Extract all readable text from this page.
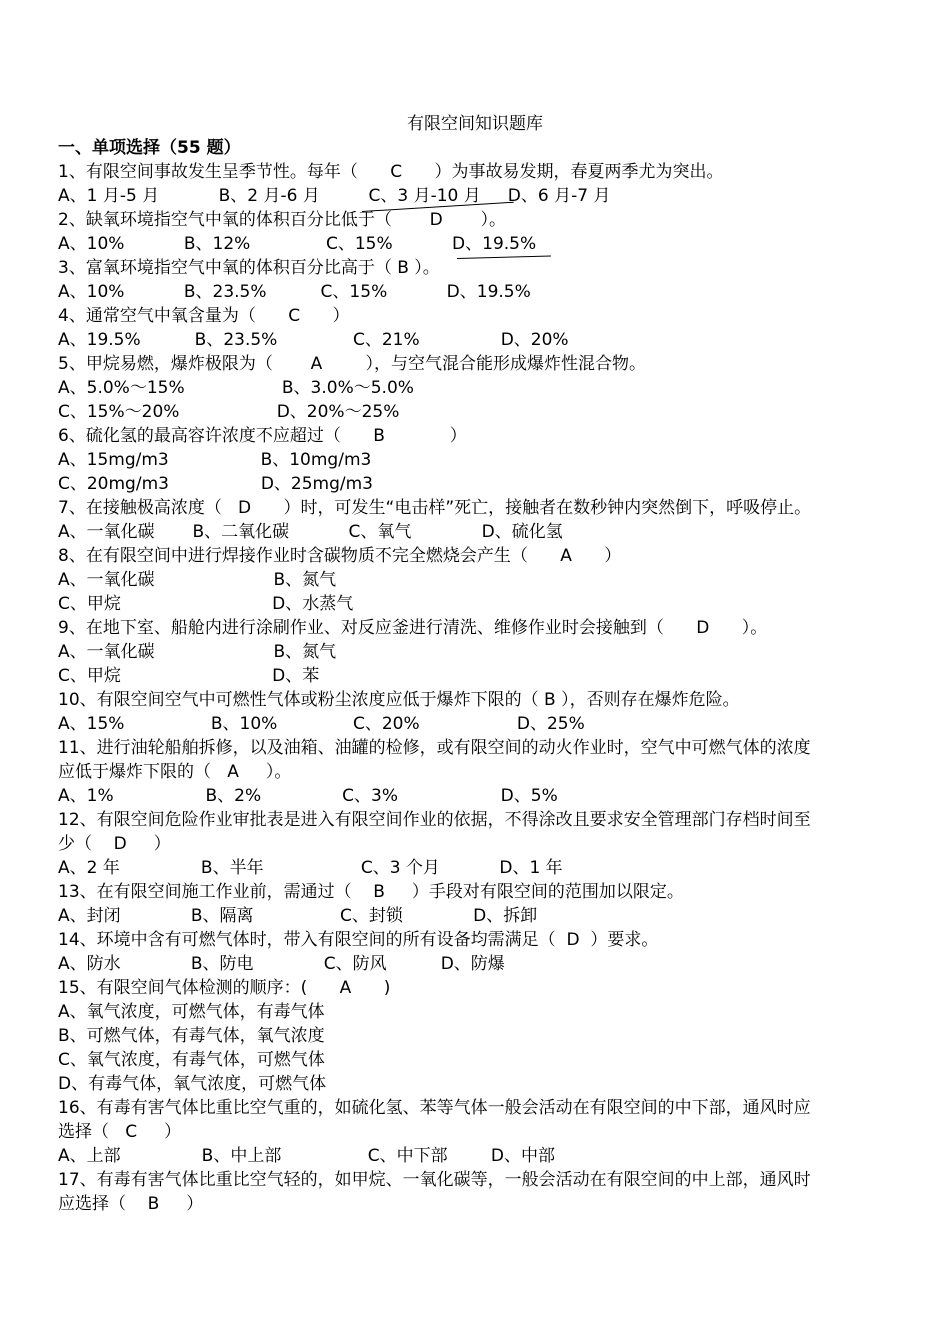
有限空间知识题库
一、单项选择（55 题）
1、有限空间事故发生呈季节性。每年（      C      ）为事故易发期，春夏两季尤为突出。
A、1 月-5 月           B、2 月-6 月         C、3 月-10 月     D、6 月-7 月
2、缺氧环境指空气中氧的体积百分比低于（       D       ）。
A、10%           B、12%              C、15%           D、19.5%
3、富氧环境指空气中氧的体积百分比高于（ B ）。
A、10%           B、23.5%          C、15%           D、19.5%
4、通常空气中氧含量为（      C      ）
A、19.5%          B、23.5%              C、21%               D、20%
5、甲烷易燃，爆炸极限为（       A        ），与空气混合能形成爆炸性混合物。
A、5.0%～15%                  B、3.0%～5.0%
C、15%～20%                  D、20%～25%
6、硫化氢的最高容许浓度不应超过（      B            ）
A、15mg/m3                 B、10mg/m3
C、20mg/m3                 D、25mg/m3
7、在接触极高浓度（   D      ）时，可发生“电击样”死亡，接触者在数秒钟内突然倒下，呼吸停止。
A、一氧化碳       B、二氧化碳           C、氧气             D、硫化氢
8、在有限空间中进行焊接作业时含碳物质不完全燃烧会产生（      A      ）
A、一氧化碳                      B、氮气
C、甲烷                            D、水蒸气
9、在地下室、船舱内进行涂刷作业、对反应釜进行清洗、维修作业时会接触到（      D      ）。
A、一氧化碳                      B、氮气
C、甲烷                            D、苯
10、有限空间空气中可燃性气体或粉尘浓度应低于爆炸下限的（ B ），否则存在爆炸危险。
A、15%                B、10%              C、20%                  D、25%
11、进行油轮船舶拆修，以及油箱、油罐的检修，或有限空间的动火作业时，空气中可燃气体的浓度
应低于爆炸下限的（   A     ）。
A、1%                 B、2%               C、3%                   D、5%
12、有限空间危险作业审批表是进入有限空间作业的依据，不得涂改且要求安全管理部门存档时间至
少（    D     ）
A、2 年               B、半年                  C、3 个月           D、1 年
13、在有限空间施工作业前，需通过（    B     ）手段对有限空间的范围加以限定。
A、封闭             B、隔离                C、封锁             D、拆卸
14、环境中含有可燃气体时，带入有限空间的所有设备均需满足（  D  ）要求。
A、防水             B、防电             C、防风          D、防爆
15、有限空间气体检测的顺序：(      A      )
A、氧气浓度，可燃气体，有毒气体
B、可燃气体，有毒气体，氧气浓度
C、氧气浓度，有毒气体，可燃气体
D、有毒气体，氧气浓度，可燃气体
16、有毒有害气体比重比空气重的，如硫化氢、苯等气体一般会活动在有限空间的中下部，通风时应
选择（   C     ）
A、上部               B、中上部                C、中下部        D、中部
17、有毒有害气体比重比空气轻的，如甲烷、一氧化碳等，一般会活动在有限空间的中上部，通风时
应选择（    B     ）
